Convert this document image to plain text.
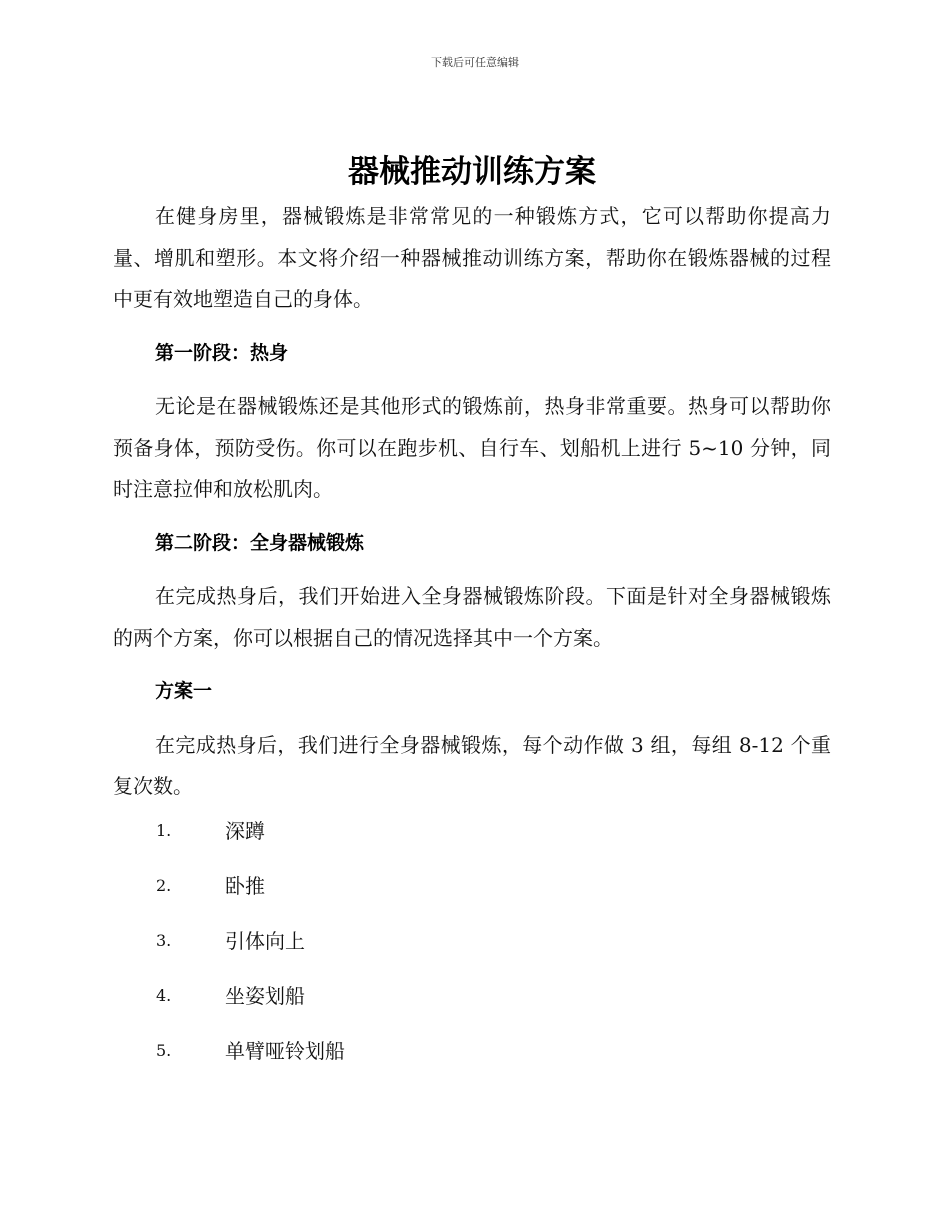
下载后可任意编辑
器械推动训练方案

在健身房里，器械锻炼是非常常见的一种锻炼方式，它可以帮助你提高力量、增肌和塑形。本文将介绍一种器械推动训练方案，帮助你在锻炼器械的过程中更有效地塑造自己的身体。

第一阶段：热身

无论是在器械锻炼还是其他形式的锻炼前，热身非常重要。热身可以帮助你预备身体，预防受伤。你可以在跑步机、自行车、划船机上进行 5~10 分钟，同时注意拉伸和放松肌肉。

第二阶段：全身器械锻炼

在完成热身后，我们开始进入全身器械锻炼阶段。下面是针对全身器械锻炼的两个方案，你可以根据自己的情况选择其中一个方案。

方案一

在完成热身后，我们进行全身器械锻炼，每个动作做 3 组，每组 8-12 个重复次数。

1.	深蹲
2.	卧推
3.	引体向上
4.	坐姿划船
5.	单臂哑铃划船
